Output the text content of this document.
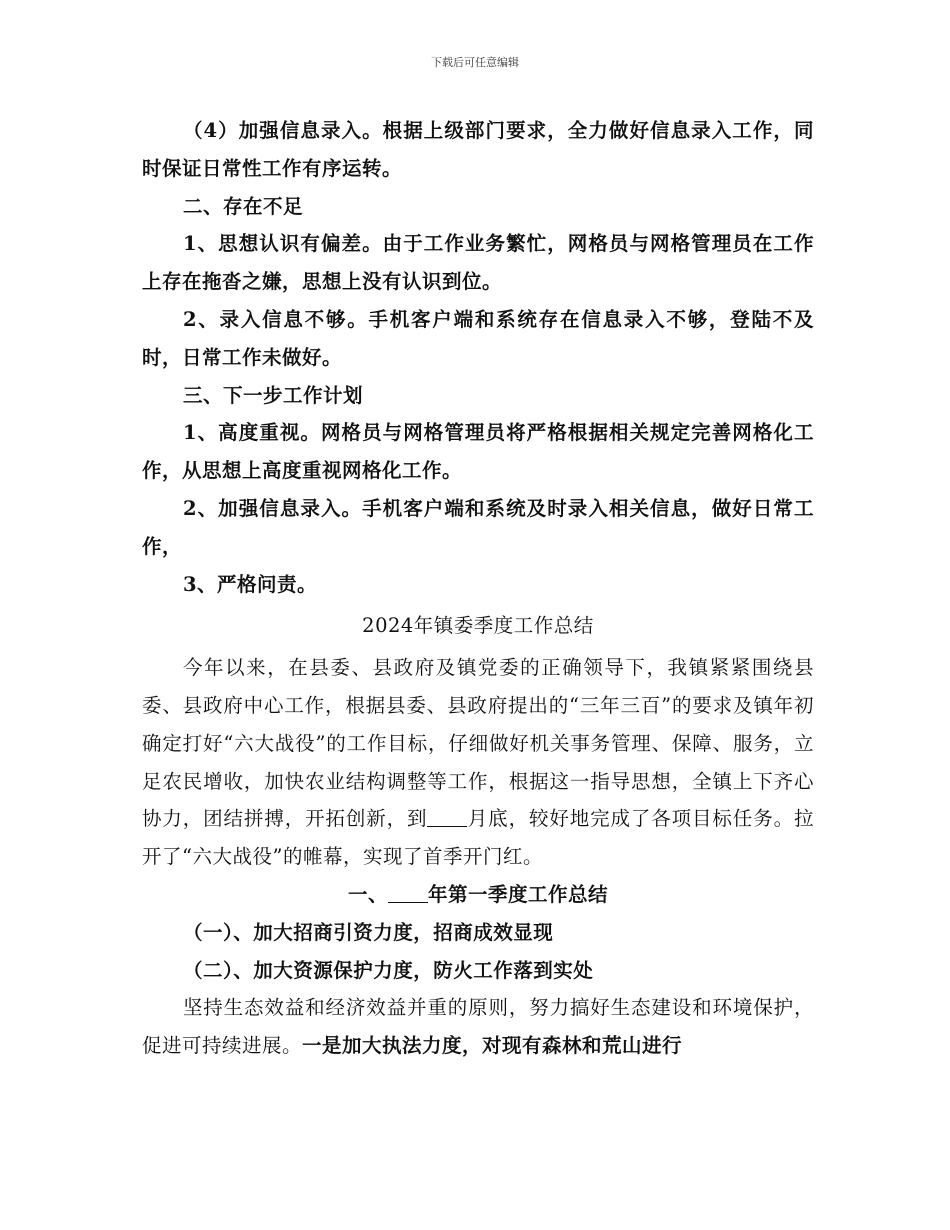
下载后可任意编辑

（4）加强信息录入。根据上级部门要求，全力做好信息录入工作，同时保证日常性工作有序运转。

二、存在不足

1、思想认识有偏差。由于工作业务繁忙，网格员与网格管理员在工作上存在拖沓之嫌，思想上没有认识到位。

2、录入信息不够。手机客户端和系统存在信息录入不够，登陆不及时，日常工作未做好。

三、下一步工作计划

1、高度重视。网格员与网格管理员将严格根据相关规定完善网格化工作，从思想上高度重视网格化工作。

2、加强信息录入。手机客户端和系统及时录入相关信息，做好日常工作，

3、严格问责。

2024年镇委季度工作总结

今年以来，在县委、县政府及镇党委的正确领导下，我镇紧紧围绕县委、县政府中心工作，根据县委、县政府提出的“三年三百”的要求及镇年初确定打好“六大战役”的工作目标，仔细做好机关事务管理、保障、服务，立足农民增收，加快农业结构调整等工作，根据这一指导思想，全镇上下齐心协力，团结拼搏，开拓创新，到 月底，较好地完成了各项目标任务。拉开了“六大战役”的帷幕，实现了首季开门红。

一、 年第一季度工作总结

（一）、加大招商引资力度，招商成效显现

（二）、加大资源保护力度，防火工作落到实处

坚持生态效益和经济效益并重的原则，努力搞好生态建设和环境保护，促进可持续进展。一是加大执法力度，对现有森林和荒山进行
